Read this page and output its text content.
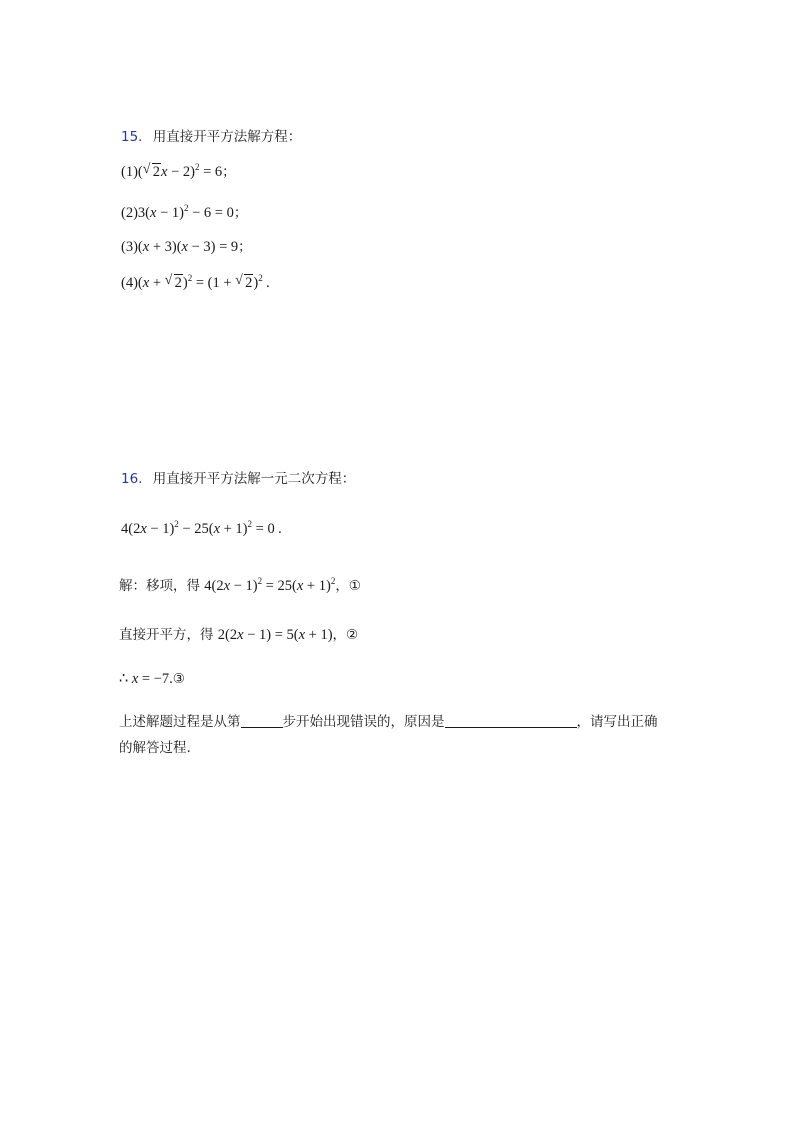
15. 用直接开平方法解方程：
(1)( √ 2x − 2)$^2$ = 6；
$(2)3(x - 1)^2 - 6 = 0$；
(3)(x + 3)(x − 3) = 9；
(4)(x + √ 2)$^2$ = (1 + √ 2)$^2$ .
16. 用直接开平方法解一元二次方程：
$4(2x - 1)^2 - 25(x + 1)^2 = 0$ .
解：移项，得 $4(2x - 1)^2 = 25(x + 1)^2$，①
直接开平方，得 2(2x − 1) = 5(x + 1)，②
∴ x = −7.③
上述解题过程是从第	步开始出现错误的，原因是	，请写出正确
的解答过程.
